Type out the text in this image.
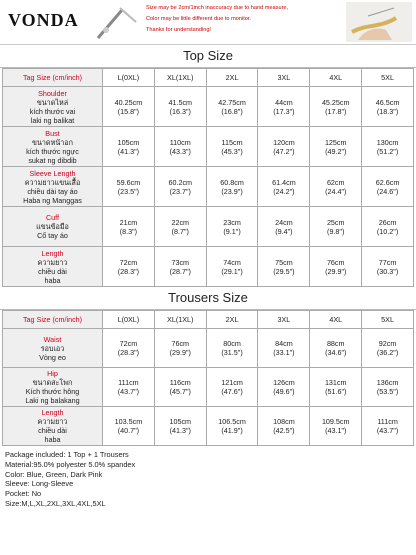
VONDA
Size may be 2cm/1inch inaccuracy due to hand measure,
Color may be little different due to monitor.
Thanks for understanding!
Top Size
Tag Size (cm/inch)	L(0XL)	XL(1XL)	2XL	3XL	4XL	5XL

Shoulder
ขนาดไหล่
kích thước vai
laki ng balikat	40.25cm
(15.8")	41.5cm
(16.3")	42.75cm
(16.8")	44cm
(17.3")	45.25cm
(17.8")	46.5cm
(18.3")

Bust
ขนาดหน้าอก
kích thước ngực
sukat ng dibdib	105cm
(41.3")	110cm
(43.3")	115cm
(45.3")	120cm
(47.2")	125cm
(49.2")	130cm
(51.2")

Sleeve Length
ความยาวแขนเสื้อ
chiều dài tay áo
Haba ng Manggas	59.6cm
(23.5")	60.2cm
(23.7")	60.8cm
(23.9")	61.4cm
(24.2")	62cm
(24.4")	62.6cm
(24.6")

Cuff
แขนข้อมือ
Cổ tay áo	21cm
(8.3")	22cm
(8.7")	23cm
(9.1")	24cm
(9.4")	25cm
(9.8")	26cm
(10.2")

Length
ความยาว
chiều dài
haba	72cm
(28.3")	73cm
(28.7")	74cm
(29.1")	75cm
(29.5")	76cm
(29.9")	77cm
(30.3")
Trousers Size
Tag Size (cm/inch)	L(0XL)	XL(1XL)	2XL	3XL	4XL	5XL

Waist
รอบเอว
Vòng eo	72cm
(28.3")	76cm
(29.9")	80cm
(31.5")	84cm
(33.1")	88cm
(34.6")	92cm
(36.2")

Hip
ขนาดสะโพก
Kích thước hông
Laki ng balakang	111cm
(43.7")	116cm
(45.7")	121cm
(47.6")	126cm
(49.6")	131cm
(51.6")	136cm
(53.5")

Length
ความยาว
chiều dài
haba	103.5cm
(40.7")	105cm
(41.3")	106.5cm
(41.9")	108cm
(42.5")	109.5cm
(43.1")	111cm
(43.7")
Package included: 1 Top + 1 Trousers
Material:95.0% polyester 5.0% spandex
Color: Blue, Green, Dark Pink
Sleeve: Long-Sleeve
Pocket: No
Size:M,L,XL,2XL,3XL,4XL,5XL
